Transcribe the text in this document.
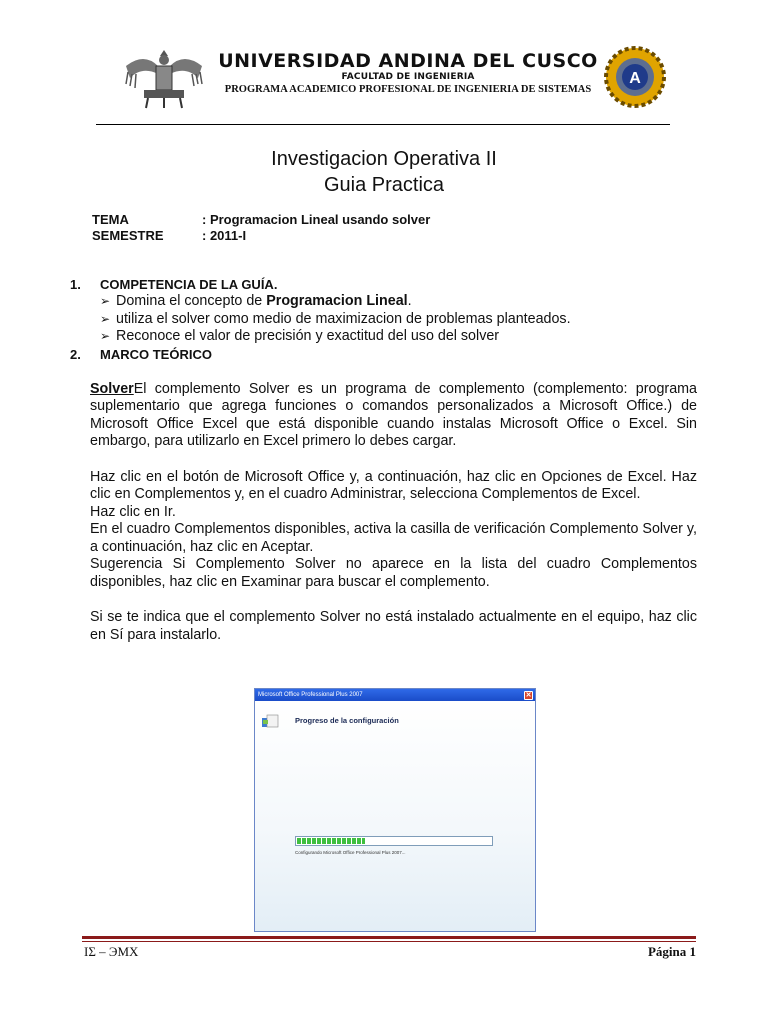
UNIVERSIDAD ANDINA DEL CUSCO
FACULTAD DE INGENIERIA
PROGRAMA ACADEMICO PROFESIONAL DE INGENIERIA DE SISTEMAS
A
Investigacion Operativa II
Guia Practica
TEMA	: Programacion Lineal usando solver
SEMESTRE	: 2011-I
1.	COMPETENCIA DE LA GUÍA.
➢ Domina el concepto de Programacion Lineal.
➢ utiliza el solver como medio de maximizacion de problemas planteados.
➢ Reconoce el valor de precisión y exactitud del uso del solver
2.	MARCO TEÓRICO
SolverEl complemento Solver es un programa de complemento (complemento: programa suplementario que agrega funciones o comandos personalizados a Microsoft Office.) de Microsoft Office Excel que está disponible cuando instalas Microsoft Office o Excel. Sin embargo, para utilizarlo en Excel primero lo debes cargar.
Haz clic en el botón de Microsoft Office y, a continuación, haz clic en Opciones de Excel. Haz clic en Complementos y, en el cuadro Administrar, selecciona Complementos de Excel.
Haz clic en Ir.
En el cuadro Complementos disponibles, activa la casilla de verificación Complemento Solver y, a continuación, haz clic en Aceptar.
Sugerencia Si Complemento Solver no aparece en la lista del cuadro Complementos disponibles, haz clic en Examinar para buscar el complemento.
Si se te indica que el complemento Solver no está instalado actualmente en el equipo, haz clic en Sí para instalarlo.
Microsoft Office Professional Plus 2007	✕
Progreso de la configuración
Configurando Microsoft Office Professional Plus 2007...
IΣ – ЭMX	Página 1
